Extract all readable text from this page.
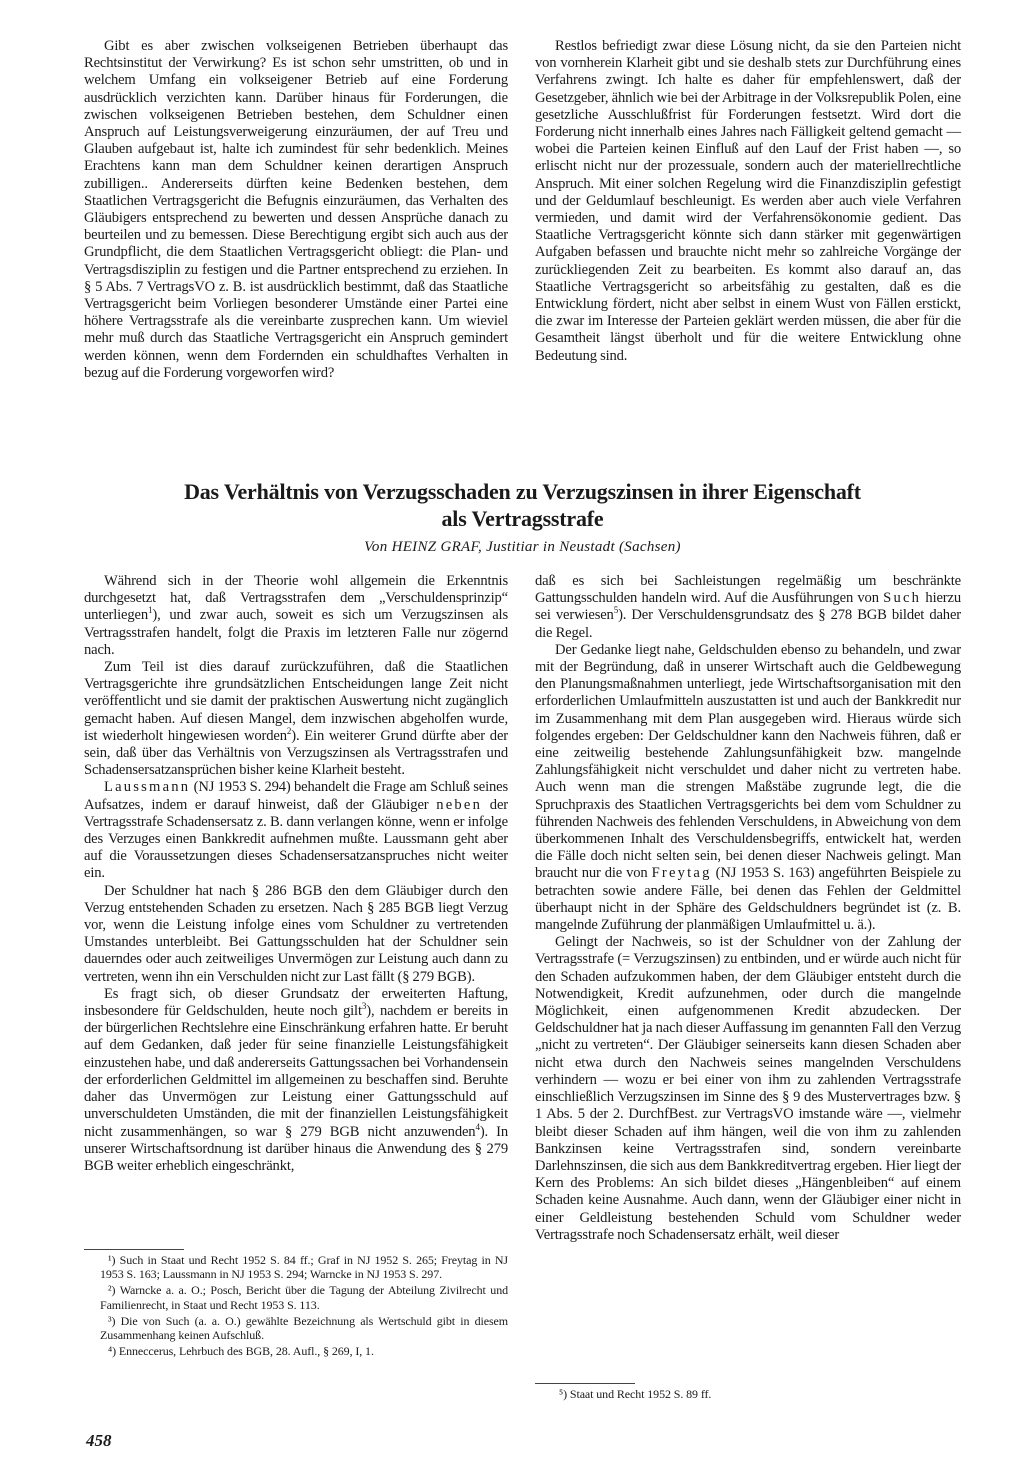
Gibt es aber zwischen volkseigenen Betrieben überhaupt das Rechtsinstitut der Verwirkung? Es ist schon sehr umstritten, ob und in welchem Umfang ein volkseigener Betrieb auf eine Forderung ausdrücklich verzichten kann. Darüber hinaus für Forderungen, die zwischen volkseigenen Betrieben bestehen, dem Schuldner einen Anspruch auf Leistungsverweigerung einzuräumen, der auf Treu und Glauben aufgebaut ist, halte ich zumindest für sehr bedenklich. Meines Erachtens kann man dem Schuldner keinen derartigen Anspruch zubilligen.. Andererseits dürften keine Bedenken bestehen, dem Staatlichen Vertragsgericht die Befugnis einzuräumen, das Verhalten des Gläubigers entsprechend zu bewerten und dessen Ansprüche danach zu beurteilen und zu bemessen. Diese Berechtigung ergibt sich auch aus der Grundpflicht, die dem Staatlichen Vertragsgericht obliegt: die Plan- und Vertragsdisziplin zu festigen und die Partner entsprechend zu erziehen. In § 5 Abs. 7 VertragsVO z. B. ist ausdrücklich bestimmt, daß das Staatliche Vertragsgericht beim Vorliegen besonderer Umstände einer Partei eine höhere Vertragsstrafe als die vereinbarte zusprechen kann. Um wieviel mehr muß durch das Staatliche Vertragsgericht ein Anspruch gemindert werden können, wenn dem Fordernden ein schuldhaftes Verhalten in bezug auf die Forderung vorgeworfen wird?

Restlos befriedigt zwar diese Lösung nicht, da sie den Parteien nicht von vornherein Klarheit gibt und sie deshalb stets zur Durchführung eines Verfahrens zwingt. Ich halte es daher für empfehlenswert, daß der Gesetzgeber, ähnlich wie bei der Arbitrage in der Volksrepublik Polen, eine gesetzliche Ausschlußfrist für Forderungen festsetzt. Wird dort die Forderung nicht innerhalb eines Jahres nach Fälligkeit geltend gemacht — wobei die Parteien keinen Einfluß auf den Lauf der Frist haben —, so erlischt nicht nur der prozessuale, sondern auch der materiellrechtliche Anspruch. Mit einer solchen Regelung wird die Finanzdisziplin gefestigt und der Geldumlauf beschleunigt. Es werden aber auch viele Verfahren vermieden, und damit wird der Verfahrensökonomie gedient. Das Staatliche Vertragsgericht könnte sich dann stärker mit gegenwärtigen Aufgaben befassen und brauchte nicht mehr so zahlreiche Vorgänge der zurückliegenden Zeit zu bearbeiten. Es kommt also darauf an, das Staatliche Vertragsgericht so arbeitsfähig zu gestalten, daß es die Entwicklung fördert, nicht aber selbst in einem Wust von Fällen erstickt, die zwar im Interesse der Parteien geklärt werden müssen, die aber für die Gesamtheit längst überholt und für die weitere Entwicklung ohne Bedeutung sind.

Das Verhältnis von Verzugsschaden zu Verzugszinsen in ihrer Eigenschaft
als Vertragsstrafe

Von HEINZ GRAF, Justitiar in Neustadt (Sachsen)

Während sich in der Theorie wohl allgemein die Erkenntnis durchgesetzt hat, daß Vertragsstrafen dem „Verschuldensprinzip“ unterliegen$^1$), und zwar auch, soweit es sich um Verzugszinsen als Vertragsstrafen handelt, folgt die Praxis im letzteren Falle nur zögernd nach.

Zum Teil ist dies darauf zurückzuführen, daß die Staatlichen Vertragsgerichte ihre grundsätzlichen Entscheidungen lange Zeit nicht veröffentlicht und sie damit der praktischen Auswertung nicht zugänglich gemacht haben. Auf diesen Mangel, dem inzwischen abgeholfen wurde, ist wiederholt hingewiesen worden$^2$). Ein weiterer Grund dürfte aber der sein, daß über das Verhältnis von Verzugszinsen als Vertragsstrafen und Schadensersatzansprüchen bisher keine Klarheit besteht.

Laussmann (NJ 1953 S. 294) behandelt die Frage am Schluß seines Aufsatzes, indem er darauf hinweist, daß der Gläubiger neben der Vertragsstrafe Schadensersatz z. B. dann verlangen könne, wenn er infolge des Verzuges einen Bankkredit aufnehmen mußte. Laussmann geht aber auf die Voraussetzungen dieses Schadensersatzanspruches nicht weiter ein.

Der Schuldner hat nach § 286 BGB den dem Gläubiger durch den Verzug entstehenden Schaden zu ersetzen. Nach § 285 BGB liegt Verzug vor, wenn die Leistung infolge eines vom Schuldner zu vertretenden Umstandes unterbleibt. Bei Gattungsschulden hat der Schuldner sein dauerndes oder auch zeitweiliges Unvermögen zur Leistung auch dann zu vertreten, wenn ihn ein Verschulden nicht zur Last fällt (§ 279 BGB).

Es fragt sich, ob dieser Grundsatz der erweiterten Haftung, insbesondere für Geldschulden, heute noch gilt$^3$), nachdem er bereits in der bürgerlichen Rechtslehre eine Einschränkung erfahren hatte. Er beruht auf dem Gedanken, daß jeder für seine finanzielle Leistungsfähigkeit einzustehen habe, und daß andererseits Gattungssachen bei Vorhandensein der erforderlichen Geldmittel im allgemeinen zu beschaffen sind. Beruhte daher das Unvermögen zur Leistung einer Gattungsschuld auf unverschuldeten Umständen, die mit der finanziellen Leistungsfähigkeit nicht zusammenhängen, so war § 279 BGB nicht anzuwenden$^4$). In unserer Wirtschaftsordnung ist darüber hinaus die Anwendung des § 279 BGB weiter erheblich eingeschränkt,

daß es sich bei Sachleistungen regelmäßig um beschränkte Gattungsschulden handeln wird. Auf die Ausführungen von Such hierzu sei verwiesen$^5$). Der Verschuldensgrundsatz des § 278 BGB bildet daher die Regel.

Der Gedanke liegt nahe, Geldschulden ebenso zu behandeln, und zwar mit der Begründung, daß in unserer Wirtschaft auch die Geldbewegung den Planungsmaßnahmen unterliegt, jede Wirtschaftsorganisation mit den erforderlichen Umlaufmitteln auszustatten ist und auch der Bankkredit nur im Zusammenhang mit dem Plan ausgegeben wird. Hieraus würde sich folgendes ergeben: Der Geldschuldner kann den Nachweis führen, daß er eine zeitweilig bestehende Zahlungsunfähigkeit bzw. mangelnde Zahlungsfähigkeit nicht verschuldet und daher nicht zu vertreten habe. Auch wenn man die strengen Maßstäbe zugrunde legt, die die Spruchpraxis des Staatlichen Vertragsgerichts bei dem vom Schuldner zu führenden Nachweis des fehlenden Verschuldens, in Abweichung von dem überkommenen Inhalt des Verschuldensbegriffs, entwickelt hat, werden die Fälle doch nicht selten sein, bei denen dieser Nachweis gelingt. Man braucht nur die von Freytag (NJ 1953 S. 163) angeführten Beispiele zu betrachten sowie andere Fälle, bei denen das Fehlen der Geldmittel überhaupt nicht in der Sphäre des Geldschuldners begründet ist (z. B. mangelnde Zuführung der planmäßigen Umlaufmittel u. ä.).

Gelingt der Nachweis, so ist der Schuldner von der Zahlung der Vertragsstrafe (= Verzugszinsen) zu entbinden, und er würde auch nicht für den Schaden aufzukommen haben, der dem Gläubiger entsteht durch die Notwendigkeit, Kredit aufzunehmen, oder durch die mangelnde Möglichkeit, einen aufgenommenen Kredit abzudecken. Der Geldschuldner hat ja nach dieser Auffassung im genannten Fall den Verzug „nicht zu vertreten“. Der Gläubiger seinerseits kann diesen Schaden aber nicht etwa durch den Nachweis seines mangelnden Verschuldens verhindern — wozu er bei einer von ihm zu zahlenden Vertragsstrafe einschließlich Verzugszinsen im Sinne des § 9 des Mustervertrages bzw. § 1 Abs. 5 der 2. DurchfBest. zur VertragsVO imstande wäre —, vielmehr bleibt dieser Schaden auf ihm hängen, weil die von ihm zu zahlenden Bankzinsen keine Vertragsstrafen sind, sondern vereinbarte Darlehnszinsen, die sich aus dem Bankkreditvertrag ergeben. Hier liegt der Kern des Problems: An sich bildet dieses „Hängenbleiben“ auf einem Schaden keine Ausnahme. Auch dann, wenn der Gläubiger einer nicht in einer Geldleistung bestehenden Schuld vom Schuldner weder Vertragsstrafe noch Schadensersatz erhält, weil dieser

¹) Such in Staat und Recht 1952 S. 84 ff.; Graf in NJ 1952 S. 265; Freytag in NJ 1953 S. 163; Laussmann in NJ 1953 S. 294; Warncke in NJ 1953 S. 297.

²) Warncke a. a. O.; Posch, Bericht über die Tagung der Abteilung Zivilrecht und Familienrecht, in Staat und Recht 1953 S. 113.

³) Die von Such (a. a. O.) gewählte Bezeichnung als Wertschuld gibt in diesem Zusammenhang keinen Aufschluß.

⁴) Enneccerus, Lehrbuch des BGB, 28. Aufl., § 269, I, 1.

⁵) Staat und Recht 1952 S. 89 ff.

458
